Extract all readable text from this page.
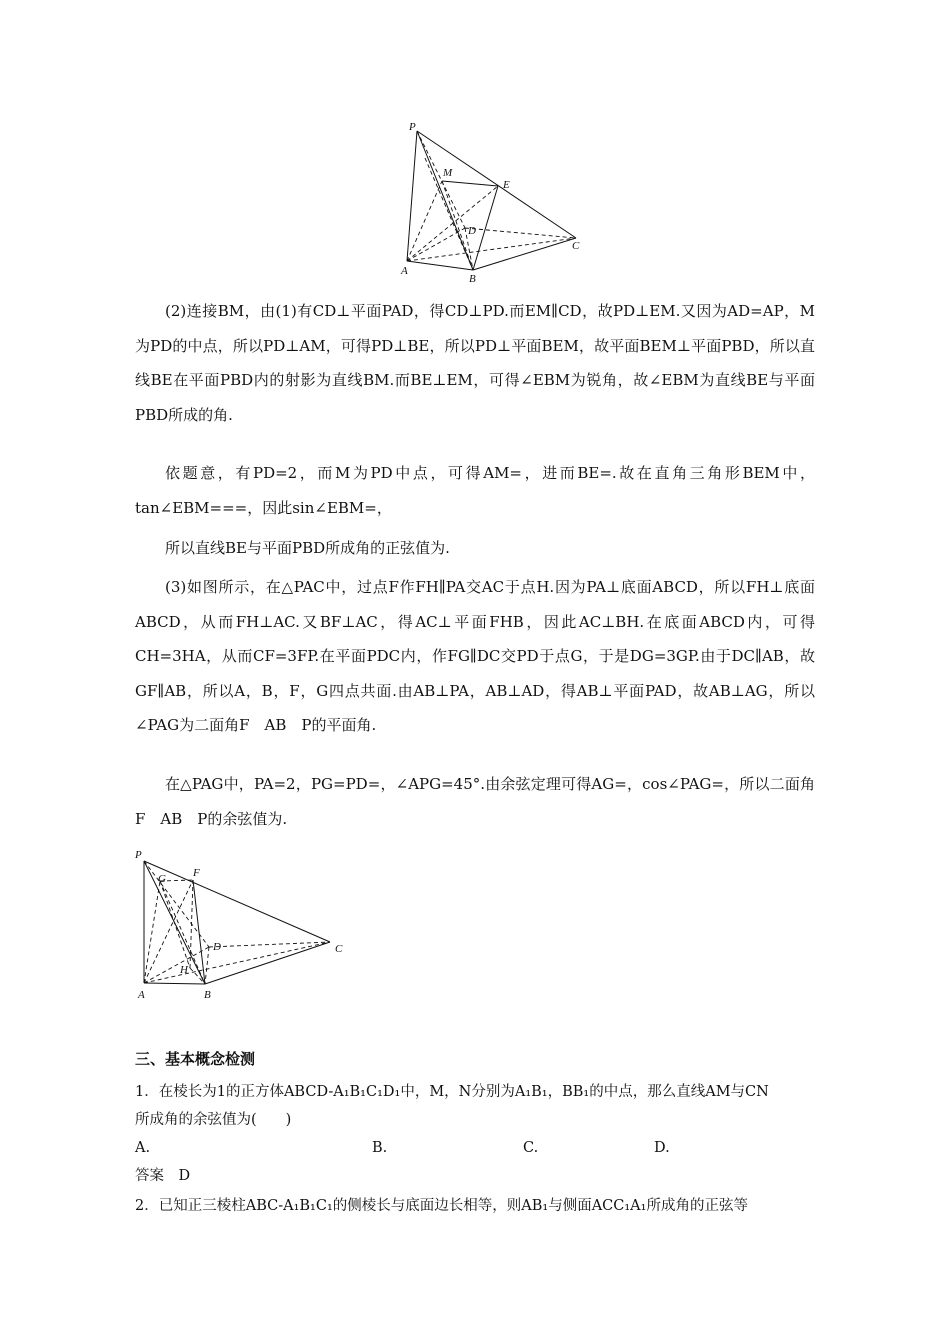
P
M
E
D
C
A
B
(2)连接BM，由(1)有CD⊥平面PAD，得CD⊥PD.而EM∥CD，故PD⊥EM.又因为AD=AP，M为PD的中点，所以PD⊥AM，可得PD⊥BE，所以PD⊥平面BEM，故平面BEM⊥平面PBD，所以直线BE在平面PBD内的射影为直线BM.而BE⊥EM，可得∠EBM为锐角，故∠EBM为直线BE与平面PBD所成的角.
依题意，有PD=2，而M为PD中点，可得AM=，进而BE=.故在直角三角形BEM中，tan∠EBM===，因此sin∠EBM=，
所以直线BE与平面PBD所成角的正弦值为.
(3)如图所示，在△PAC中，过点F作FH∥PA交AC于点H.因为PA⊥底面ABCD，所以FH⊥底面ABCD，从而FH⊥AC.又BF⊥AC，得AC⊥平面FHB，因此AC⊥BH.在底面ABCD内，可得CH=3HA，从而CF=3FP.在平面PDC内，作FG∥DC交PD于点G，于是DG=3GP.由于DC∥AB，故GF∥AB，所以A，B，F，G四点共面.由AB⊥PA，AB⊥AD，得AB⊥平面PAD，故AB⊥AG，所以∠PAG为二面角F　AB　P的平面角.
在△PAG中，PA=2，PG=PD=，∠APG=45°.由余弦定理可得AG=，cos∠PAG=，所以二面角F　AB　P的余弦值为.
P
G F
D	C
H
A	B
三、基本概念检测
1．在棱长为1的正方体ABCD-A₁B₁C₁D₁中，M，N分别为A₁B₁，BB₁的中点，那么直线AM与CN
所成角的余弦值为(　　)
A.	B.	C.	D.
答案　D
2．已知正三棱柱ABC-A₁B₁C₁的侧棱长与底面边长相等，则AB₁与侧面ACC₁A₁所成角的正弦等
